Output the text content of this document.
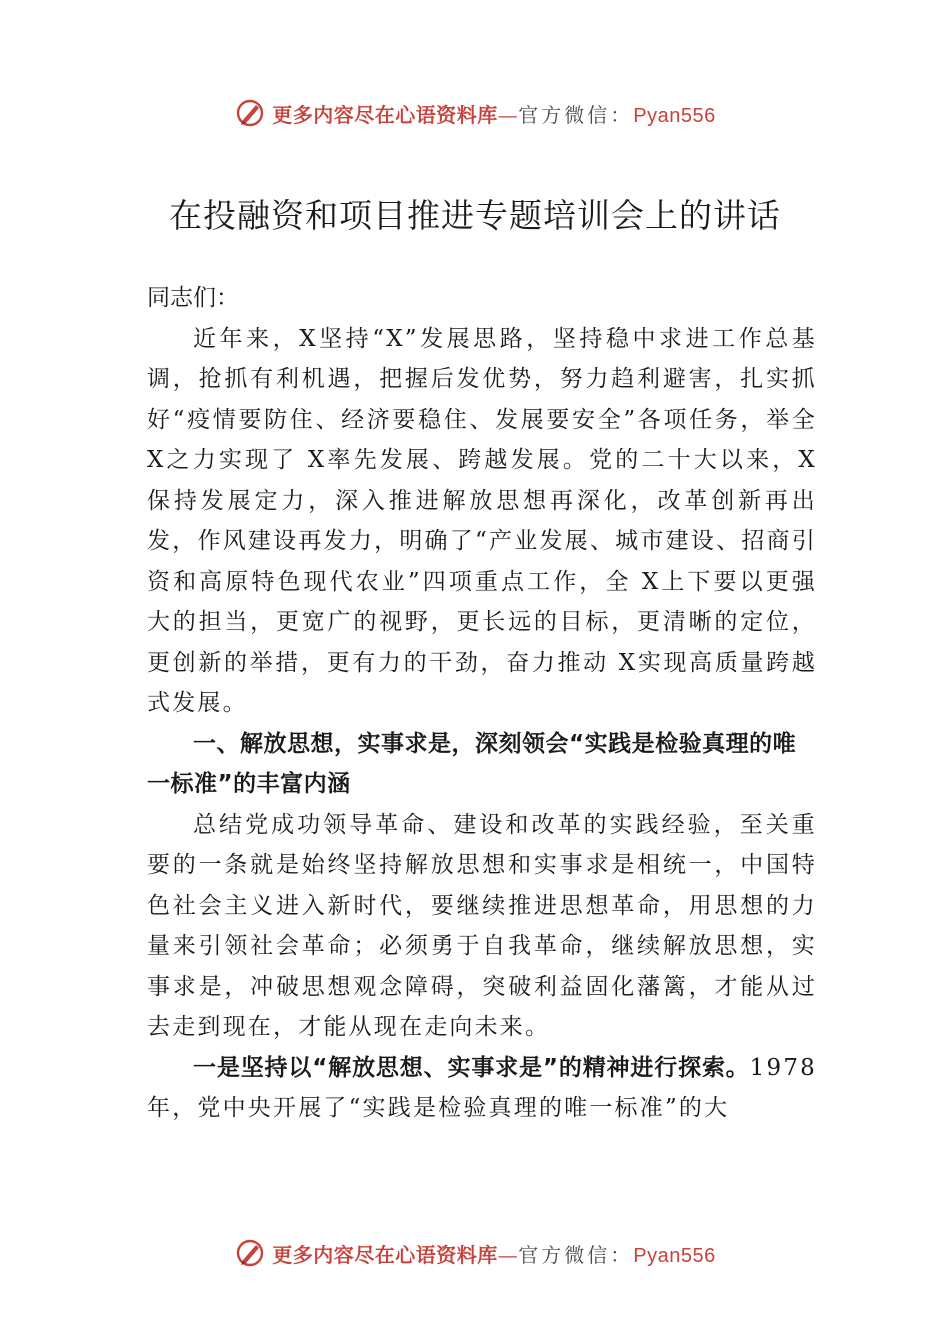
更多内容尽在心语资料库—官方微信：Pyan556
在投融资和项目推进专题培训会上的讲话

同志们：

近年来，X坚持“X”发展思路，坚持稳中求进工作总基调，抢抓有利机遇，把握后发优势，努力趋利避害，扎实抓好“疫情要防住、经济要稳住、发展要安全”各项任务，举全 X之力实现了 X率先发展、跨越发展。党的二十大以来，X保持发展定力，深入推进解放思想再深化，改革创新再出发，作风建设再发力，明确了“产业发展、城市建设、招商引资和高原特色现代农业”四项重点工作，全 X上下要以更强大的担当，更宽广的视野，更长远的目标，更清晰的定位，更创新的举措，更有力的干劲，奋力推动 X实现高质量跨越式发展。

一、解放思想，实事求是，深刻领会“实践是检验真理的唯一标准”的丰富内涵

总结党成功领导革命、建设和改革的实践经验，至关重要的一条就是始终坚持解放思想和实事求是相统一，中国特色社会主义进入新时代，要继续推进思想革命，用思想的力量来引领社会革命；必须勇于自我革命，继续解放思想，实事求是，冲破思想观念障碍，突破利益固化藩篱，才能从过去走到现在，才能从现在走向未来。

一是坚持以“解放思想、实事求是”的精神进行探索。1978年，党中央开展了“实践是检验真理的唯一标准”的大

更多内容尽在心语资料库—官方微信：Pyan556
